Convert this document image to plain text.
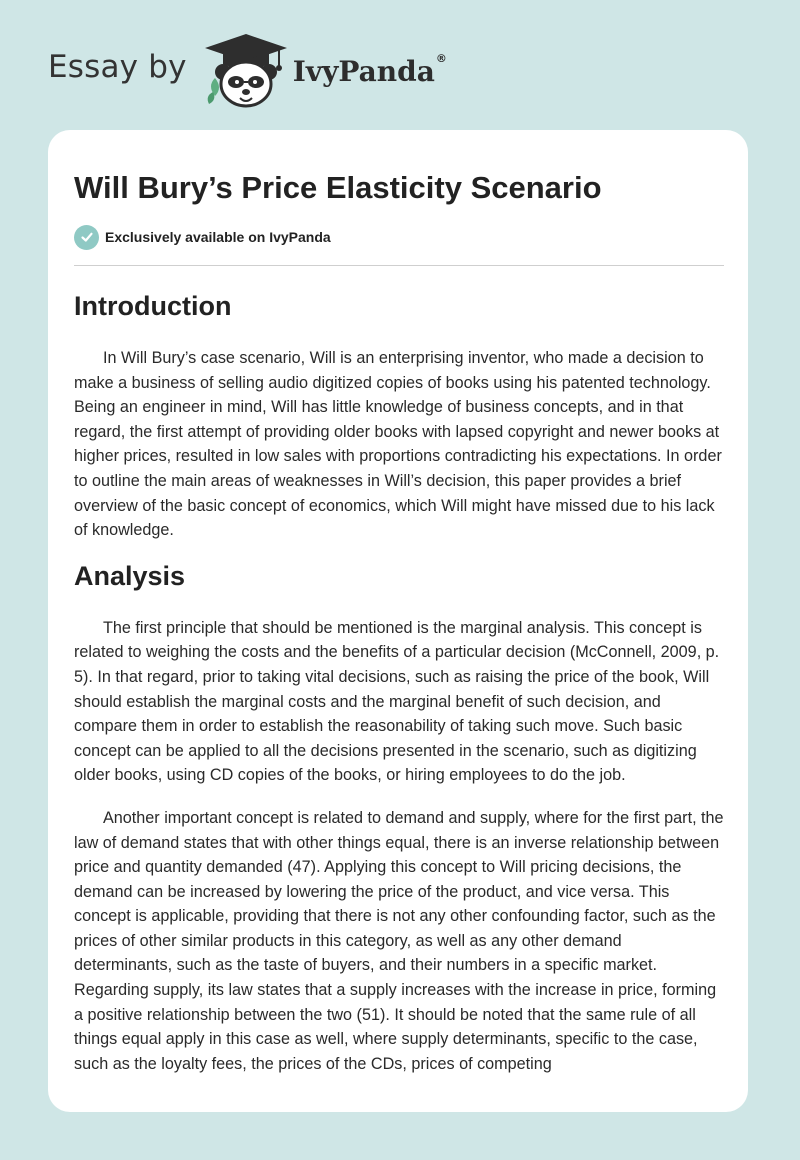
Essay by	IvyPanda ®
Will Bury’s Price Elasticity Scenario
Exclusively available on IvyPanda
Introduction

In Will Bury’s case scenario, Will is an enterprising inventor, who made a decision to make a business of selling audio digitized copies of books using his patented technology. Being an engineer in mind, Will has little knowledge of business concepts, and in that regard, the first attempt of providing older books with lapsed copyright and newer books at higher prices, resulted in low sales with proportions contradicting his expectations. In order to outline the main areas of weaknesses in Will’s decision, this paper provides a brief overview of the basic concept of economics, which Will might have missed due to his lack of knowledge.

Analysis

The first principle that should be mentioned is the marginal analysis. This concept is related to weighing the costs and the benefits of a particular decision (McConnell, 2009, p. 5). In that regard, prior to taking vital decisions, such as raising the price of the book, Will should establish the marginal costs and the marginal benefit of such decision, and compare them in order to establish the reasonability of taking such move. Such basic concept can be applied to all the decisions presented in the scenario, such as digitizing older books, using CD copies of the books, or hiring employees to do the job.

Another important concept is related to demand and supply, where for the first part, the law of demand states that with other things equal, there is an inverse relationship between price and quantity demanded (47). Applying this concept to Will pricing decisions, the demand can be increased by lowering the price of the product, and vice versa. This concept is applicable, providing that there is not any other confounding factor, such as the prices of other similar products in this category, as well as any other demand determinants, such as the taste of buyers, and their numbers in a specific market. Regarding supply, its law states that a supply increases with the increase in price, forming a positive relationship between the two (51). It should be noted that the same rule of all things equal apply in this case as well, where supply determinants, specific to the case, such as the loyalty fees, the prices of the CDs, prices of competing
